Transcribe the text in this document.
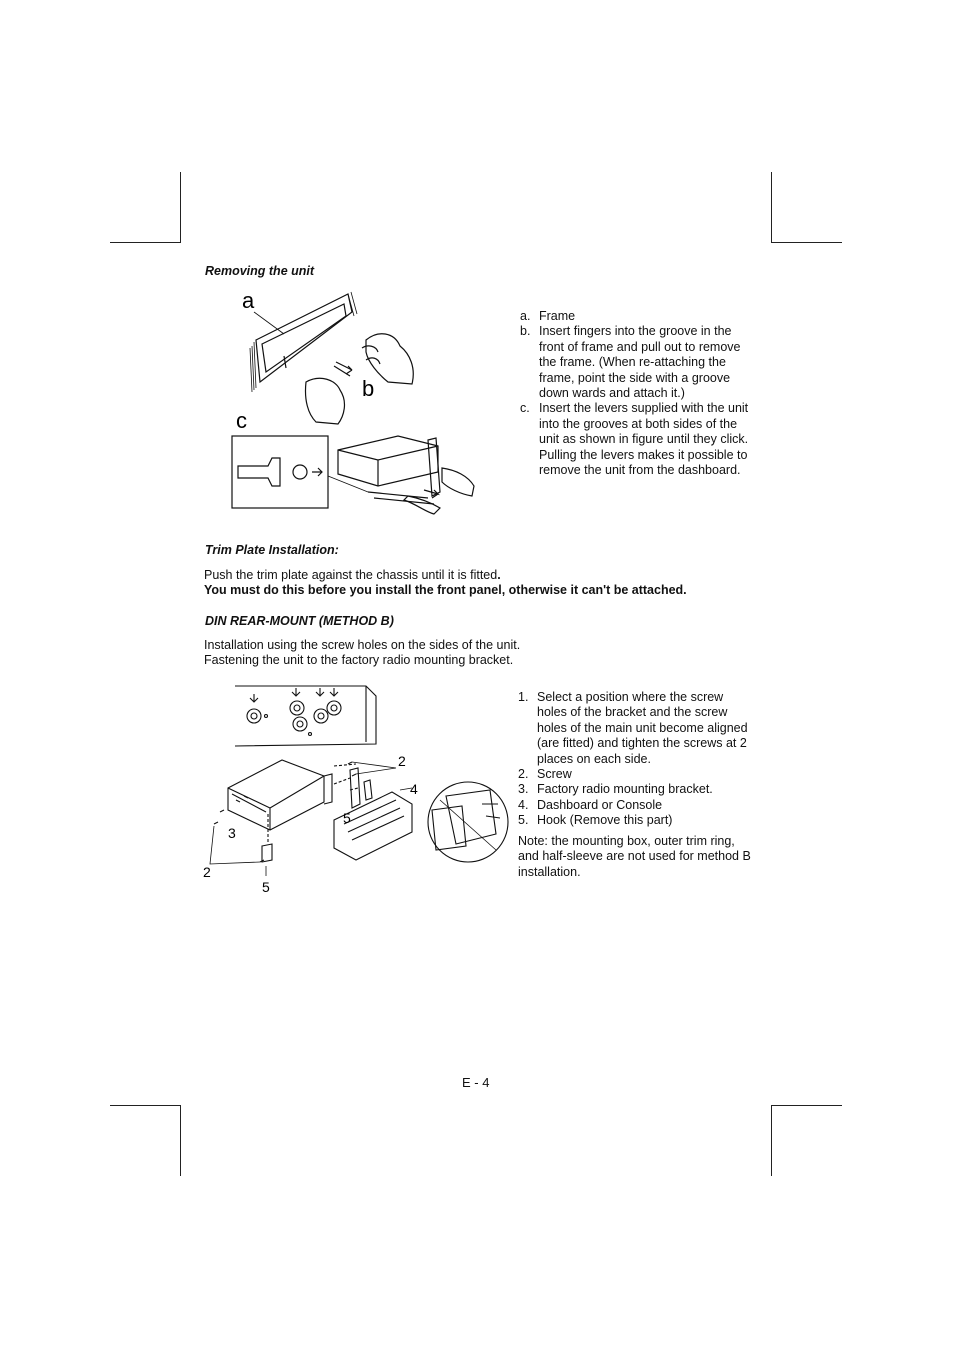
Removing the unit

a
b
c
a. Frame
b. Insert fingers into the groove in the front of frame and pull out to remove the frame. (When re-attaching the frame, point the side with a groove down wards and attach it.)
c. Insert the levers supplied with the unit into the grooves at both sides of the unit as shown in figure until they click. Pulling the levers makes it possible to remove the unit from the dashboard.

Trim Plate Installation:

Push the trim plate against the chassis until it is fitted.
You must do this before you install the front panel, otherwise it can't be attached.

DIN REAR-MOUNT (METHOD B)

Installation using the screw holes on the sides of the unit.
Fastening the unit to the factory radio mounting bracket.

2
4
5
3
2
5
1. Select a position where the screw holes of the bracket and the screw holes of the main unit become aligned (are fitted) and tighten the screws at 2 places on each side.
2. Screw
3. Factory radio mounting bracket.
4. Dashboard or Console
5. Hook (Remove this part)

Note: the mounting box, outer trim ring, and half-sleeve are not used for method B installation.

E - 4
